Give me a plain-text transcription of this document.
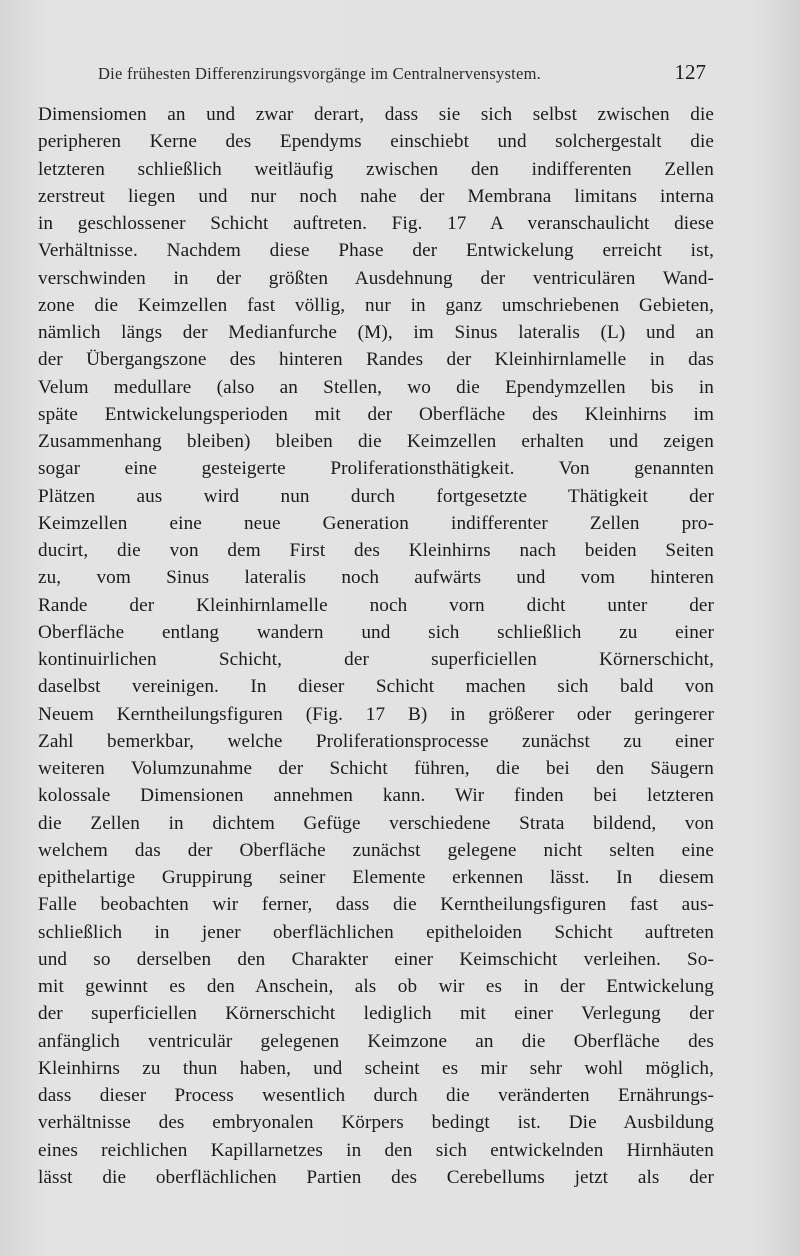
Die frühesten Differenzirungsvorgänge im Centralnervensystem.	127
Dimensiomen an und zwar derart, dass sie sich selbst zwischen die
peripheren Kerne des Ependyms einschiebt und solchergestalt die
letzteren schließlich weitläufig zwischen den indifferenten Zellen
zerstreut liegen und nur noch nahe der Membrana limitans interna
in geschlossener Schicht auftreten. Fig. 17 A veranschaulicht diese
Verhältnisse. Nachdem diese Phase der Entwickelung erreicht ist,
verschwinden in der größten Ausdehnung der ventriculären Wand-
zone die Keimzellen fast völlig, nur in ganz umschriebenen Gebieten,
nämlich längs der Medianfurche (M), im Sinus lateralis (L) und an
der Übergangszone des hinteren Randes der Kleinhirnlamelle in das
Velum medullare (also an Stellen, wo die Ependymzellen bis in
späte Entwickelungsperioden mit der Oberfläche des Kleinhirns im
Zusammenhang bleiben) bleiben die Keimzellen erhalten und zeigen
sogar eine gesteigerte Proliferationsthätigkeit. Von genannten
Plätzen aus wird nun durch fortgesetzte Thätigkeit der
Keimzellen eine neue Generation indifferenter Zellen pro-
ducirt, die von dem First des Kleinhirns nach beiden Seiten
zu, vom Sinus lateralis noch aufwärts und vom hinteren
Rande der Kleinhirnlamelle noch vorn dicht unter der
Oberfläche entlang wandern und sich schließlich zu einer
kontinuirlichen Schicht, der superficiellen Körnerschicht,
daselbst vereinigen. In dieser Schicht machen sich bald von
Neuem Kerntheilungsfiguren (Fig. 17 B) in größerer oder geringerer
Zahl bemerkbar, welche Proliferationsprocesse zunächst zu einer
weiteren Volumzunahme der Schicht führen, die bei den Säugern
kolossale Dimensionen annehmen kann. Wir finden bei letzteren
die Zellen in dichtem Gefüge verschiedene Strata bildend, von
welchem das der Oberfläche zunächst gelegene nicht selten eine
epithelartige Gruppirung seiner Elemente erkennen lässt. In diesem
Falle beobachten wir ferner, dass die Kerntheilungsfiguren fast aus-
schließlich in jener oberflächlichen epitheloiden Schicht auftreten
und so derselben den Charakter einer Keimschicht verleihen. So-
mit gewinnt es den Anschein, als ob wir es in der Entwickelung
der superficiellen Körnerschicht lediglich mit einer Verlegung der
anfänglich ventriculär gelegenen Keimzone an die Oberfläche des
Kleinhirns zu thun haben, und scheint es mir sehr wohl möglich,
dass dieser Process wesentlich durch die veränderten Ernährungs-
verhältnisse des embryonalen Körpers bedingt ist. Die Ausbildung
eines reichlichen Kapillarnetzes in den sich entwickelnden Hirnhäuten
lässt die oberflächlichen Partien des Cerebellums jetzt als der
